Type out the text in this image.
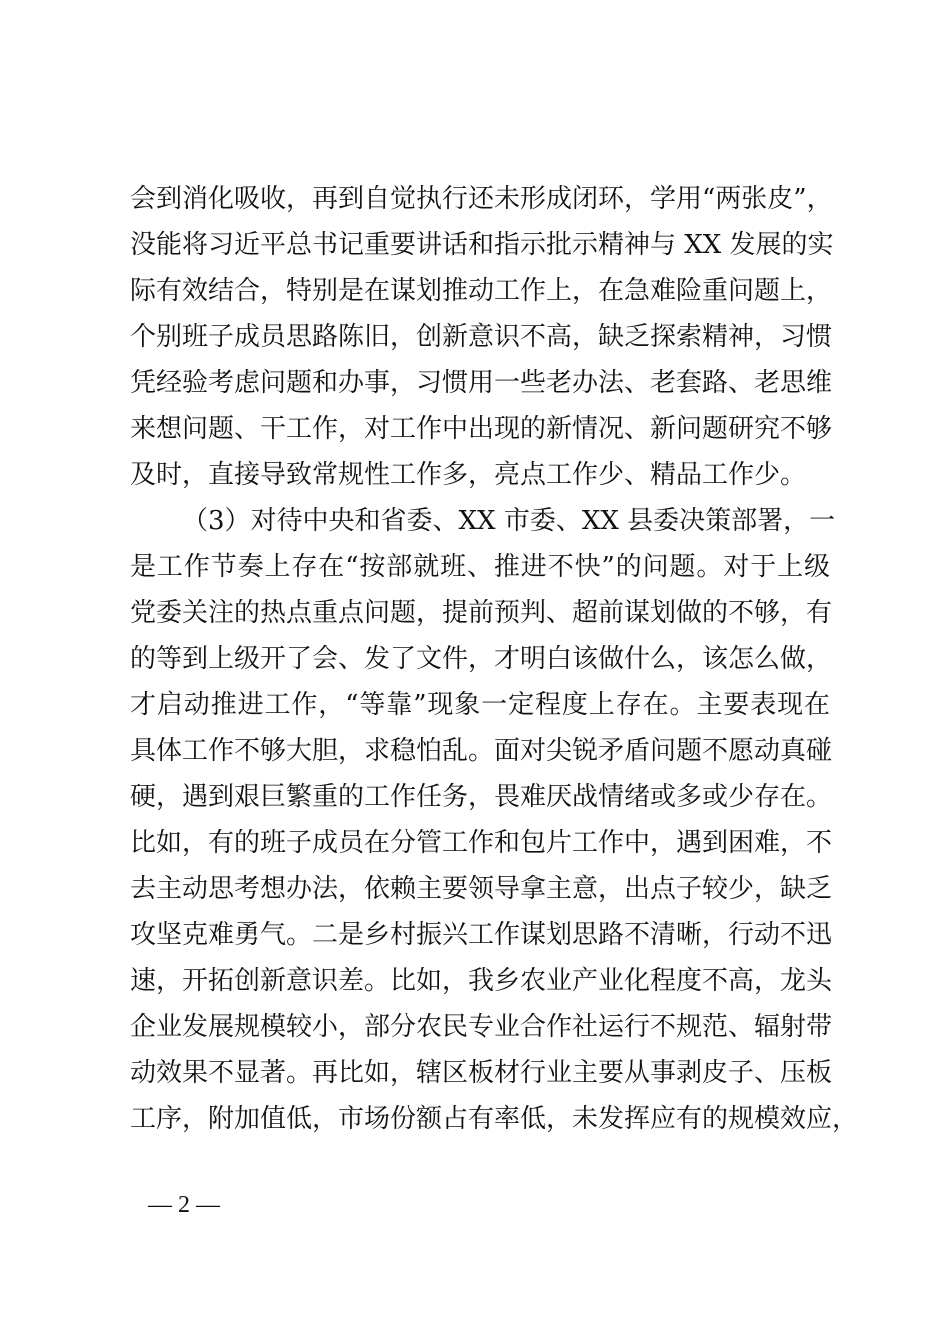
会到消化吸收，再到自觉执行还未形成闭环，学用“两张皮”，
没能将习近平总书记重要讲话和指示批示精神与 XX 发展的实
际有效结合，特别是在谋划推动工作上，在急难险重问题上，
个别班子成员思路陈旧，创新意识不高，缺乏探索精神，习惯
凭经验考虑问题和办事，习惯用一些老办法、老套路、老思维
来想问题、干工作，对工作中出现的新情况、新问题研究不够
及时，直接导致常规性工作多，亮点工作少、精品工作少。
（3）对待中央和省委、XX 市委、XX 县委决策部署，一
是工作节奏上存在“按部就班、推进不快”的问题。对于上级
党委关注的热点重点问题，提前预判、超前谋划做的不够，有
的等到上级开了会、发了文件，才明白该做什么，该怎么做，
才启动推进工作，“等靠”现象一定程度上存在。主要表现在
具体工作不够大胆，求稳怕乱。面对尖锐矛盾问题不愿动真碰
硬，遇到艰巨繁重的工作任务，畏难厌战情绪或多或少存在。
比如，有的班子成员在分管工作和包片工作中，遇到困难，不
去主动思考想办法，依赖主要领导拿主意，出点子较少，缺乏
攻坚克难勇气。二是乡村振兴工作谋划思路不清晰，行动不迅
速，开拓创新意识差。比如，我乡农业产业化程度不高，龙头
企业发展规模较小，部分农民专业合作社运行不规范、辐射带
动效果不显著。再比如，辖区板材行业主要从事剥皮子、压板
工序，附加值低，市场份额占有率低，未发挥应有的规模效应，
— 2 —
